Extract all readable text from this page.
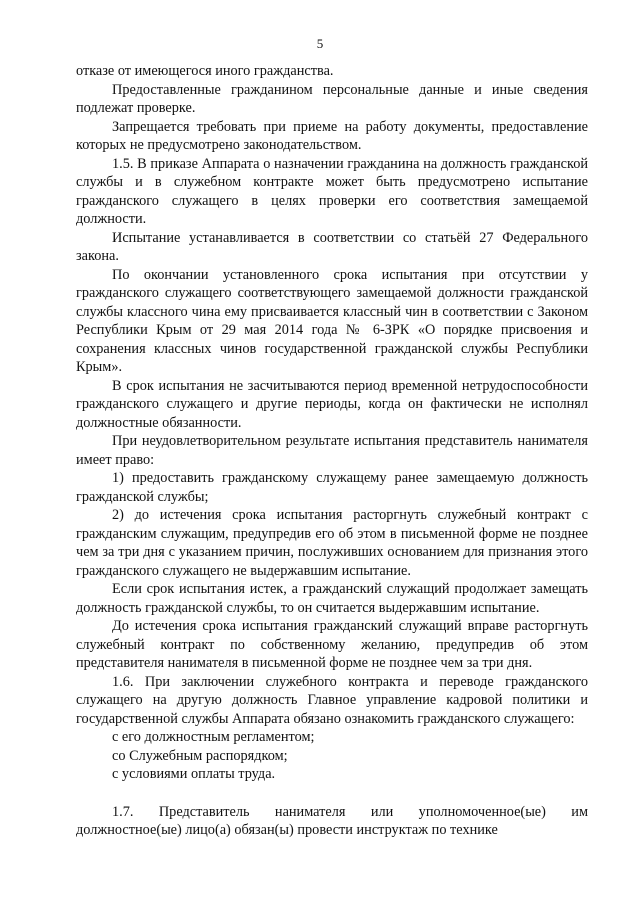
5

отказе от имеющегося иного гражданства.

Предоставленные гражданином персональные данные и иные сведения подлежат проверке.

Запрещается требовать при приеме на работу документы, предоставление которых не предусмотрено законодательством.

1.5. В приказе Аппарата о назначении гражданина на должность гражданской службы и в служебном контракте может быть предусмотрено испытание гражданского служащего в целях проверки его соответствия замещаемой должности.

Испытание устанавливается в соответствии со статьёй 27 Федерального закона.

По окончании установленного срока испытания при отсутствии у гражданского служащего соответствующего замещаемой должности гражданской службы классного чина ему присваивается классный чин в соответствии с Законом Республики Крым от 29 мая 2014 года № 6-ЗРК «О порядке присвоения и сохранения классных чинов государственной гражданской службы Республики Крым».

В срок испытания не засчитываются период временной нетрудоспособности гражданского служащего и другие периоды, когда он фактически не исполнял должностные обязанности.

При неудовлетворительном результате испытания представитель нанимателя имеет право:

1) предоставить гражданскому служащему ранее замещаемую должность гражданской службы;

2) до истечения срока испытания расторгнуть служебный контракт с гражданским служащим, предупредив его об этом в письменной форме не позднее чем за три дня с указанием причин, послуживших основанием для признания этого гражданского служащего не выдержавшим испытание.

Если срок испытания истек, а гражданский служащий продолжает замещать должность гражданской службы, то он считается выдержавшим испытание.

До истечения срока испытания гражданский служащий вправе расторгнуть служебный контракт по собственному желанию, предупредив об этом представителя нанимателя в письменной форме не позднее чем за три дня.

1.6. При заключении служебного контракта и переводе гражданского служащего на другую должность Главное управление кадровой политики и государственной службы Аппарата обязано ознакомить гражданского служащего:

с его должностным регламентом;

со Служебным распорядком;

с условиями оплаты труда.

1.7. Представитель нанимателя или уполномоченное(ые) им должностное(ые) лицо(а) обязан(ы) провести инструктаж по технике
